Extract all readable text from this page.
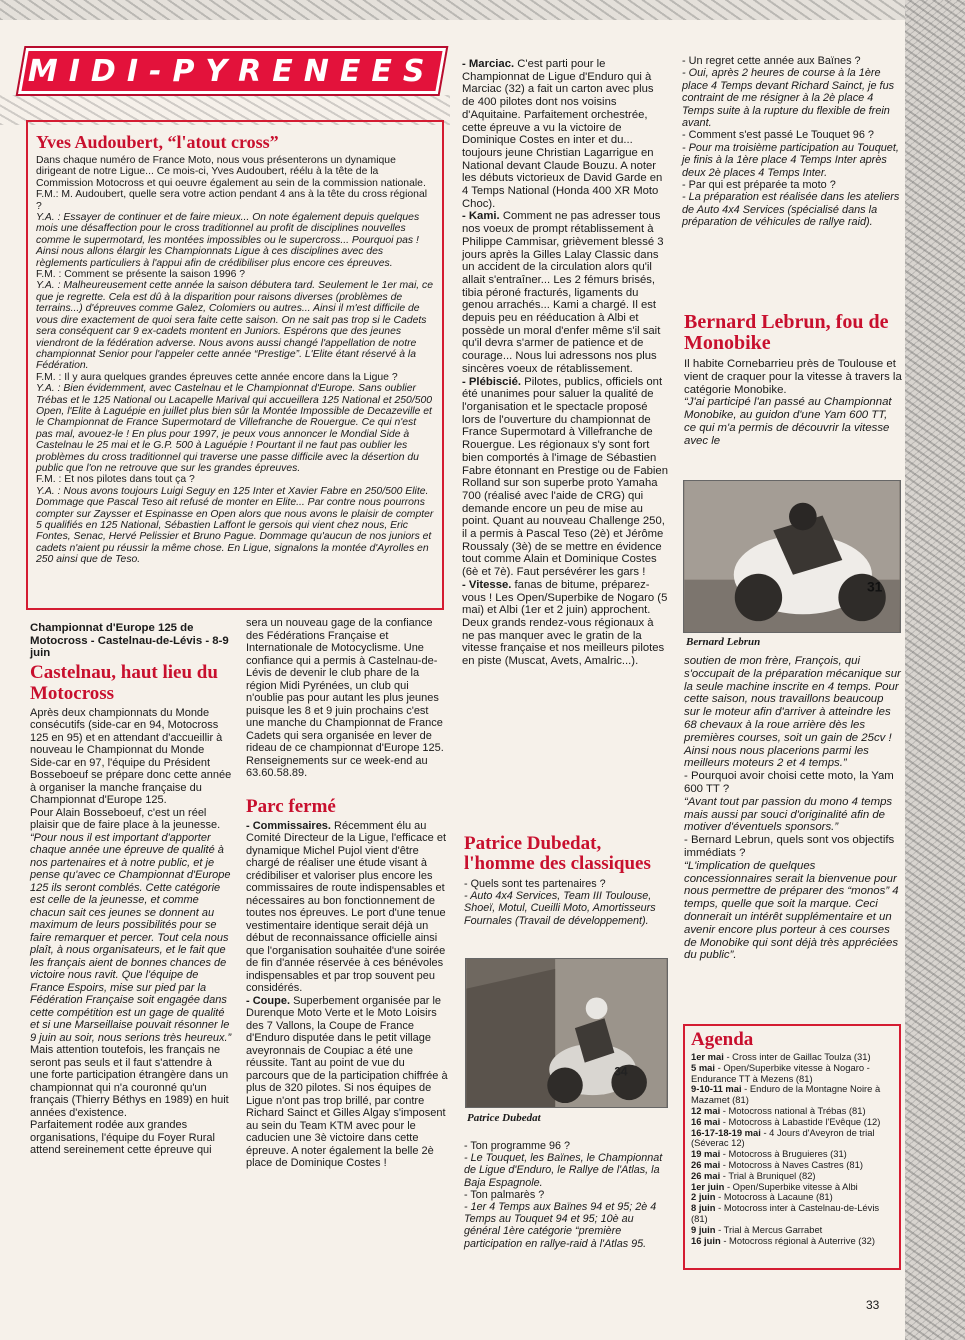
MIDI-PYRENEES
Yves Audoubert, “l'atout cross”

Dans chaque numéro de France Moto, nous vous présenterons un dynamique dirigeant de notre Ligue... Ce mois-ci, Yves Audoubert, réélu à la tête de la Commission Motocross et qui oeuvre également au sein de la commission nationale.

F.M.: M. Audoubert, quelle sera votre action pendant 4 ans à la tête du cross régional ?

Y.A. : Essayer de continuer et de faire mieux... On note également depuis quelques mois une désaffection pour le cross traditionnel au profit de disciplines nouvelles comme le supermotard, les montées impossibles ou le supercross... Pourquoi pas ! Ainsi nous allons élargir les Championnats Ligue à ces disciplines avec des règlements particuliers à l'appui afin de crédibiliser plus encore ces épreuves.

F.M. : Comment se présente la saison 1996 ?

Y.A. : Malheureusement cette année la saison débutera tard. Seulement le 1er mai, ce que je regrette. Cela est dû à la disparition pour raisons diverses (problèmes de terrains...) d'épreuves comme Galez, Colomiers ou autres... Ainsi il m'est difficile de vous dire exactement de quoi sera faite cette saison. On ne sait pas trop si le Cadets sera conséquent car 9 ex-cadets montent en Juniors. Espérons que des jeunes viendront de la fédération adverse. Nous avons aussi changé l'appellation de notre championnat Senior pour l'appeler cette année “Prestige”. L'Elite étant réservé à la Fédération.

F.M. : Il y aura quelques grandes épreuves cette année encore dans la Ligue ?

Y.A. : Bien évidemment, avec Castelnau et le Championnat d'Europe. Sans oublier Trébas et le 125 National ou Lacapelle Marival qui accueillera 125 National et 250/500 Open, l'Elite à Laguépie en juillet plus bien sûr la Montée Impossible de Decazeville et le Championnat de France Supermotard de Villefranche de Rouergue. Ce qui n'est pas mal, avouez-le ! En plus pour 1997, je peux vous annoncer le Mondial Side à Castelnau le 25 mai et le G.P. 500 à Laguépie ! Pourtant il ne faut pas oublier les problèmes du cross traditionnel qui traverse une passe difficile avec la désertion du public que l'on ne retrouve que sur les grandes épreuves.

F.M. : Et nos pilotes dans tout ça ?

Y.A. : Nous avons toujours Luigi Seguy en 125 Inter et Xavier Fabre en 250/500 Elite. Dommage que Pascal Teso ait refusé de monter en Elite... Par contre nous pourrons compter sur Zaysser et Espinasse en Open alors que nous avons le plaisir de compter 5 qualifiés en 125 National, Sébastien Laffont le gersois qui vient chez nous, Eric Fontes, Senac, Hervé Pelissier et Bruno Pague. Dommage qu'aucun de nos juniors et cadets n'aient pu réussir la même chose. En Ligue, signalons la montée d'Ayrolles en 250 ainsi que de Teso.

Championnat d'Europe 125 de Motocross - Castelnau-de-Lévis - 8-9 juin
Castelnau, haut lieu du Motocross

Après deux championnats du Monde consécutifs (side-car en 94, Motocross 125 en 95) et en attendant d'accueillir à nouveau le Championnat du Monde Side-car en 97, l'équipe du Président Bosseboeuf se prépare donc cette année à organiser la manche française du Championnat d'Europe 125.

Pour Alain Bosseboeuf, c'est un réel plaisir que de faire place à la jeunesse. “Pour nous il est important d'apporter chaque année une épreuve de qualité à nos partenaires et à notre public, et je pense qu'avec ce Championnat d'Europe 125 ils seront comblés. Cette catégorie est celle de la jeunesse, et comme chacun sait ces jeunes se donnent au maximum de leurs possibilités pour se faire remarquer et percer. Tout cela nous plaît, à nous organisateurs, et le fait que les français aient de bonnes chances de victoire nous ravit. Que l'équipe de France Espoirs, mise sur pied par la Fédération Française soit engagée dans cette compétition est un gage de qualité et si une Marseillaise pouvait résonner le 9 juin au soir, nous serions très heureux.” Mais attention toutefois, les français ne seront pas seuls et il faut s'attendre à une forte participation étrangère dans un championnat qui n'a couronné qu'un français (Thierry Béthys en 1989) en huit années d'existence.

Parfaitement rodée aux grandes organisations, l'équipe du Foyer Rural attend sereinement cette épreuve qui

sera un nouveau gage de la confiance des Fédérations Française et Internationale de Motocyclisme. Une confiance qui a permis à Castelnau-de-Lévis de devenir le club phare de la région Midi Pyrénées, un club qui n'oublie pas pour autant les plus jeunes puisque les 8 et 9 juin prochains c'est une manche du Championnat de France Cadets qui sera organisée en lever de rideau de ce championnat d'Europe 125. Renseignements sur ce week-end au 63.60.58.89.
Parc fermé

- Commissaires. Récemment élu au Comité Directeur de la Ligue, l'efficace et dynamique Michel Pujol vient d'être chargé de réaliser une étude visant à crédibiliser et valoriser plus encore les commissaires de route indispensables et nécessaires au bon fonctionnement de toutes nos épreuves. Le port d'une tenue vestimentaire identique serait déjà un début de reconnaissance officielle ainsi que l'organisation souhaitée d'une soirée de fin d'année réservée à ces bénévoles indispensables et par trop souvent peu considérés.

- Coupe. Superbement organisée par le Durenque Moto Verte et le Moto Loisirs des 7 Vallons, la Coupe de France d'Enduro disputée dans le petit village aveyronnais de Coupiac a été une réussite. Tant au point de vue du parcours que de la participation chiffrée à plus de 320 pilotes. Si nos équipes de Ligue n'ont pas trop brillé, par contre Richard Sainct et Gilles Algay s'imposent au sein du Team KTM avec pour le caducien une 3è victoire dans cette épreuve. A noter également la belle 2è place de Dominique Costes !

- Marciac. C'est parti pour le Championnat de Ligue d'Enduro qui à Marciac (32) a fait un carton avec plus de 400 pilotes dont nos voisins d'Aquitaine. Parfaitement orchestrée, cette épreuve a vu la victoire de Dominique Costes en inter et du... toujours jeune Christian Lagarrigue en National devant Claude Bouzu. A noter les débuts victorieux de David Garde en 4 Temps National (Honda 400 XR Moto Choc).

- Kami. Comment ne pas adresser tous nos voeux de prompt rétablissement à Philippe Cammisar, grièvement blessé 3 jours après la Gilles Lalay Classic dans un accident de la circulation alors qu'il allait s'entraîner... Les 2 fémurs brisés, tibia péroné fracturés, ligaments du genou arrachés... Kami a chargé. Il est depuis peu en rééducation à Albi et possède un moral d'enfer même s'il sait qu'il devra s'armer de patience et de courage... Nous lui adressons nos plus sincères voeux de rétablissement.

- Plébiscié. Pilotes, publics, officiels ont été unanimes pour saluer la qualité de l'organisation et le spectacle proposé lors de l'ouverture du championnat de France Supermotard à Villefranche de Rouergue. Les régionaux s'y sont fort bien comportés à l'image de Sébastien Fabre étonnant en Prestige ou de Fabien Rolland sur son superbe proto Yamaha 700 (réalisé avec l'aide de CRG) qui demande encore un peu de mise au point. Quant au nouveau Challenge 250, il a permis à Pascal Teso (2è) et Jérôme Roussaly (3è) de se mettre en évidence tout comme Alain et Dominique Costes (6è et 7è). Faut persévérer les gars !

- Vitesse. fanas de bitume, préparez-vous ! Les Open/Superbike de Nogaro (5 mai) et Albi (1er et 2 juin) approchent. Deux grands rendez-vous régionaux à ne pas manquer avec le gratin de la vitesse française et nos meilleurs pilotes en piste (Muscat, Avets, Amalric...).

Patrice Dubedat, l'homme des classiques

- Quels sont tes partenaires ?

- Auto 4x4 Services, Team III Toulouse, Shoeï, Motul, Cueilli Moto, Amortisseurs Fournales (Travail de développement).

34
Patrice Dubedat

- Ton programme 96 ?

- Le Touquet, les Baïnes, le Championnat de Ligue d'Enduro, le Rallye de l'Atlas, la Baja Espagnole.

- Ton palmarès ?

- 1er 4 Temps aux Baïnes 94 et 95; 2è 4 Temps au Touquet 94 et 95; 10è au général 1ère catégorie “première participation en rallye-raid à l'Atlas 95.

- Un regret cette année aux Baïnes ?

- Oui, après 2 heures de course à la 1ère place 4 Temps devant Richard Sainct, je fus contraint de me résigner à la 2è place 4 Temps suite à la rupture du flexible de frein avant.

- Comment s'est passé Le Touquet 96 ?

- Pour ma troisième participation au Touquet, je finis à la 1ère place 4 Temps Inter après deux 2è places 4 Temps Inter.

- Par qui est préparée ta moto ?

- La préparation est réalisée dans les ateliers de Auto 4x4 Services (spécialisé dans la préparation de véhicules de rallye raid).

Bernard Lebrun, fou de Monobike

Il habite Cornebarrieu près de Toulouse et vient de craquer pour la vitesse à travers la catégorie Monobike.

“J'ai participé l'an passé au Championnat Monobike, au guidon d'une Yam 600 TT, ce qui m'a permis de découvrir la vitesse avec le

31
Bernard Lebrun

soutien de mon frère, François, qui s'occupait de la préparation mécanique sur la seule machine inscrite en 4 temps. Pour cette saison, nous travaillons beaucoup sur le moteur afin d'arriver à atteindre les 68 chevaux à la roue arrière dès les premières courses, soit un gain de 25cv ! Ainsi nous nous placerions parmi les meilleurs moteurs 2 et 4 temps.”

- Pourquoi avoir choisi cette moto, la Yam 600 TT ?

“Avant tout par passion du mono 4 temps mais aussi par souci d'originalité afin de motiver d'éventuels sponsors.”

- Bernard Lebrun, quels sont vos objectifs immédiats ?

“L'implication de quelques concessionnaires serait la bienvenue pour nous permettre de préparer des “monos” 4 temps, quelle que soit la marque. Ceci donnerait un intérêt supplémentaire et un avenir encore plus porteur à ces courses de Monobike qui sont déjà très appréciées du public”.

Agenda
1er mai - Cross inter de Gaillac Toulza (31)
5 mai - Open/Superbike vitesse à Nogaro - Endurance TT à Mezens (81)
9-10-11 mai - Enduro de la Montagne Noire à Mazamet (81)
12 mai - Motocross national à Trébas (81)
16 mai - Motocross à Labastide l'Evêque (12)
16-17-18-19 mai - 4 Jours d'Aveyron de trial (Séverac 12)
19 mai - Motocross à Bruguieres (31)
26 mai - Motocross à Naves Castres (81)
26 mai - Trial à Bruniquel (82)
1er juin - Open/Superbike vitesse à Albi
2 juin - Motocross à Lacaune (81)
8 juin - Motocross inter à Castelnau-de-Lévis (81)
9 juin - Trial à Mercus Garrabet
16 juin - Motocross régional à Auterrive (32)
33
